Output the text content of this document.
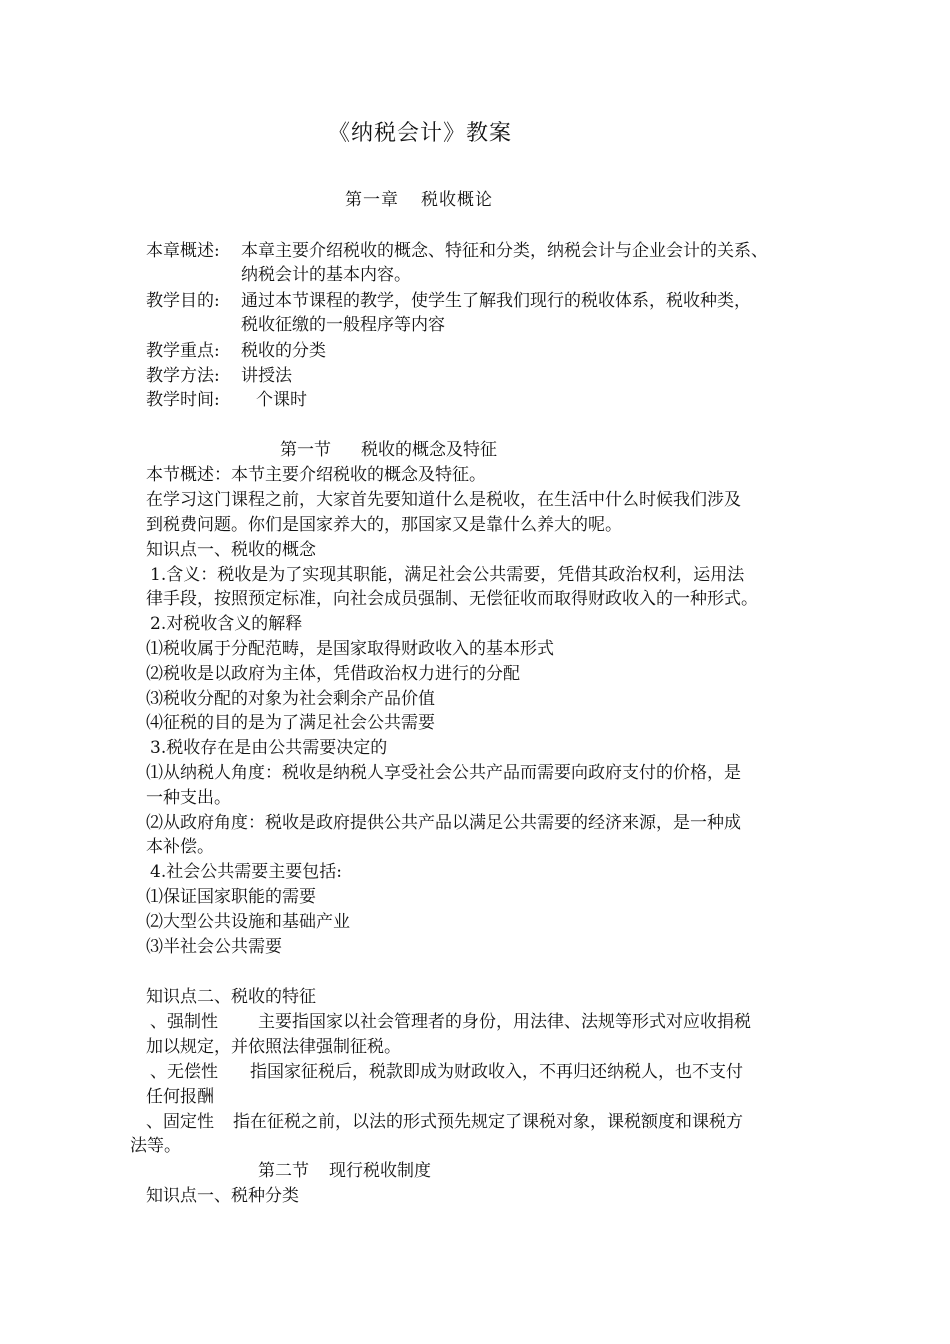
《纳税会计》教案
第一章 税收概论
本章概述: 本章主要介绍税收的概念、特征和分类，纳税会计与企业会计的关系、
纳税会计的基本内容。
教学目的: 通过本节课程的教学，使学生了解我们现行的税收体系，税收种类，
税收征缴的一般程序等内容
教学重点: 税收的分类
教学方法: 讲授法
教学时间: 个课时
第一节 税收的概念及特征
本节概述：本节主要介绍税收的概念及特征。
在学习这门课程之前，大家首先要知道什么是税收，在生活中什么时候我们涉及
到税费问题。你们是国家养大的，那国家又是靠什么养大的呢。
知识点一、税收的概念
1.含义：税收是为了实现其职能，满足社会公共需要，凭借其政治权利，运用法
律手段，按照预定标准，向社会成员强制、无偿征收而取得财政收入的一种形式。
2.对税收含义的解释
⑴税收属于分配范畴，是国家取得财政收入的基本形式
⑵税收是以政府为主体，凭借政治权力进行的分配
⑶税收分配的对象为社会剩余产品价值
⑷征税的目的是为了满足社会公共需要
3.税收存在是由公共需要决定的
⑴从纳税人角度：税收是纳税人享受社会公共产品而需要向政府支付的价格，是
一种支出。
⑵从政府角度：税收是政府提供公共产品以满足公共需要的经济来源，是一种成
本补偿。
4.社会公共需要主要包括:
⑴保证国家职能的需要
⑵大型公共设施和基础产业
⑶半社会公共需要
知识点二、税收的特征
、强制性 主要指国家以社会管理者的身份，用法律、法规等形式对应收捐税
加以规定，并依照法律强制征税。
、无偿性 指国家征税后，税款即成为财政收入，不再归还纳税人，也不支付
任何报酬
、固定性 指在征税之前，以法的形式预先规定了课税对象，课税额度和课税方
法等。
第二节 现行税收制度
知识点一、税种分类
